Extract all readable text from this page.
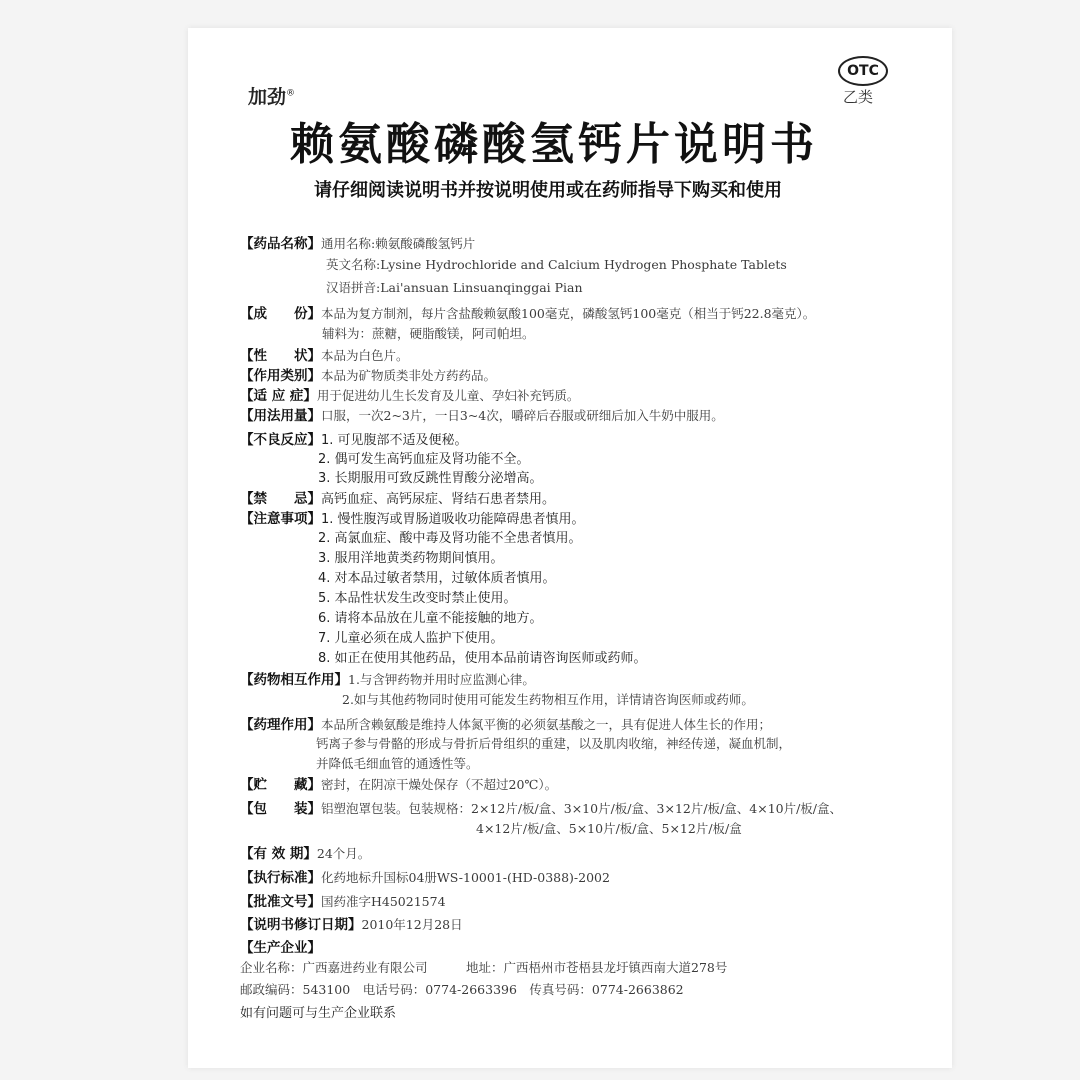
加劲®
OTC
乙类
赖氨酸磷酸氢钙片说明书
请仔细阅读说明书并按说明使用或在药师指导下购买和使用
【药品名称】通用名称:赖氨酸磷酸氢钙片
英文名称:Lysine Hydrochloride and Calcium Hydrogen Phosphate Tablets
汉语拼音:Lai'ansuan Linsuanqinggai Pian
【成　　份】本品为复方制剂，每片含盐酸赖氨酸100毫克，磷酸氢钙100毫克（相当于钙22.8毫克）。
辅料为：蔗糖，硬脂酸镁，阿司帕坦。
【性　　状】本品为白色片。
【作用类别】本品为矿物质类非处方药药品。
【适 应 症】用于促进幼儿生长发育及儿童、孕妇补充钙质。
【用法用量】口服，一次2~3片，一日3~4次，嚼碎后吞服或研细后加入牛奶中服用。
【不良反应】1. 可见腹部不适及便秘。
2. 偶可发生高钙血症及肾功能不全。
3. 长期服用可致反跳性胃酸分泌增高。
【禁　　忌】高钙血症、高钙尿症、肾结石患者禁用。
【注意事项】1. 慢性腹泻或胃肠道吸收功能障碍患者慎用。
2. 高氯血症、酸中毒及肾功能不全患者慎用。
3. 服用洋地黄类药物期间慎用。
4. 对本品过敏者禁用，过敏体质者慎用。
5. 本品性状发生改变时禁止使用。
6. 请将本品放在儿童不能接触的地方。
7. 儿童必须在成人监护下使用。
8. 如正在使用其他药品，使用本品前请咨询医师或药师。
【药物相互作用】1.与含钾药物并用时应监测心律。
2.如与其他药物同时使用可能发生药物相互作用，详情请咨询医师或药师。
【药理作用】本品所含赖氨酸是维持人体氮平衡的必须氨基酸之一，具有促进人体生长的作用；
钙离子参与骨骼的形成与骨折后骨组织的重建，以及肌肉收缩，神经传递，凝血机制，
并降低毛细血管的通透性等。
【贮　　藏】密封，在阴凉干燥处保存（不超过20℃）。
【包　　装】铝塑泡罩包装。包装规格：2×12片/板/盒、3×10片/板/盒、3×12片/板/盒、4×10片/板/盒、
4×12片/板/盒、5×10片/板/盒、5×12片/板/盒
【有 效 期】24个月。
【执行标准】化药地标升国标04册WS-10001-(HD-0388)-2002
【批准文号】国药准字H45021574
【说明书修订日期】2010年12月28日
【生产企业】
企业名称：广西嘉进药业有限公司	地址：广西梧州市苍梧县龙圩镇西南大道278号
邮政编码：543100　电话号码：0774-2663396　传真号码：0774-2663862
如有问题可与生产企业联系
